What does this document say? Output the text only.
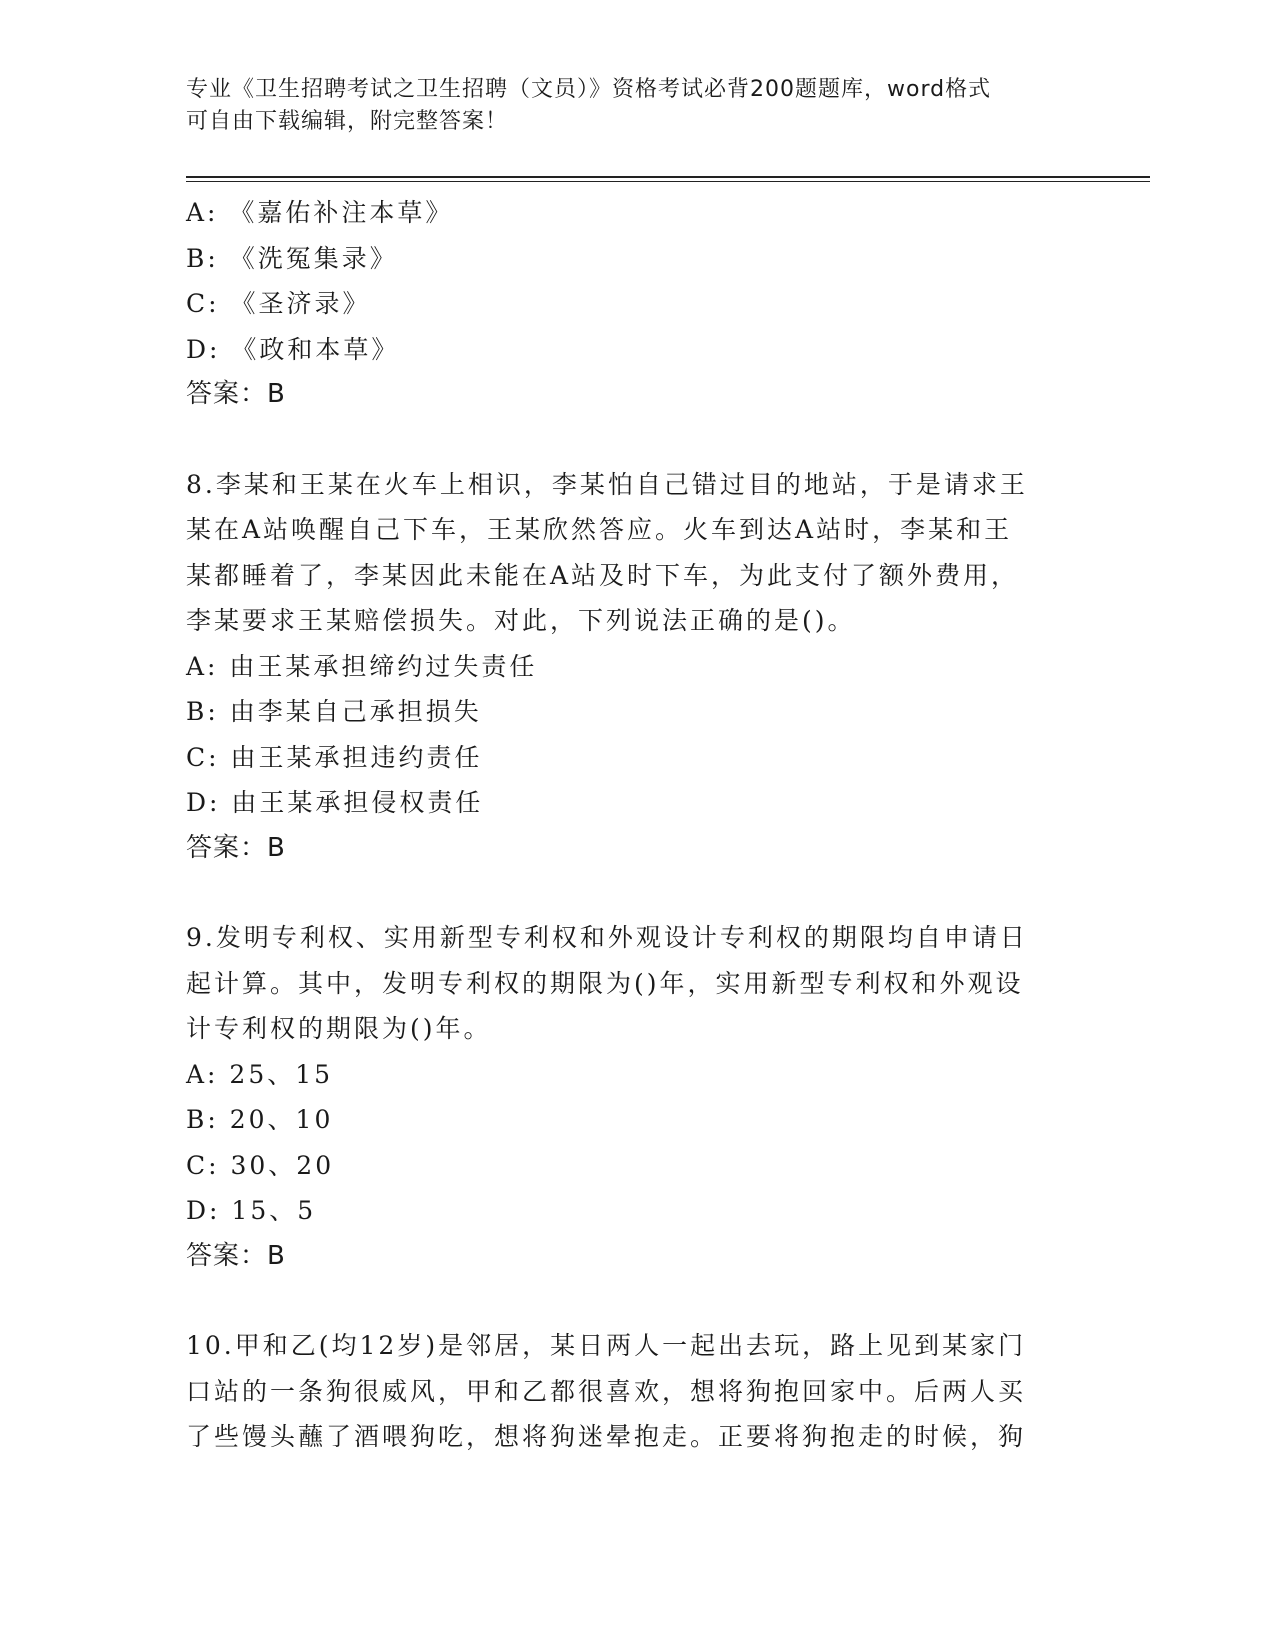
专业《卫生招聘考试之卫生招聘（文员）》资格考试必背200题题库，word格式
可自由下载编辑，附完整答案！
A: 《嘉佑补注本草》
B: 《洗冤集录》
C: 《圣济录》
D: 《政和本草》
答案：B
8.李某和王某在火车上相识，李某怕自己错过目的地站，于是请求王
某在A站唤醒自己下车，王某欣然答应。火车到达A站时，李某和王
某都睡着了，李某因此未能在A站及时下车，为此支付了额外费用，
李某要求王某赔偿损失。对此，下列说法正确的是()。
A: 由王某承担缔约过失责任
B: 由李某自己承担损失
C: 由王某承担违约责任
D: 由王某承担侵权责任
答案：B
9.发明专利权、实用新型专利权和外观设计专利权的期限均自申请日
起计算。其中，发明专利权的期限为()年，实用新型专利权和外观设
计专利权的期限为()年。
A: 25、15
B: 20、10
C: 30、20
D: 15、5
答案：B
10.甲和乙(均12岁)是邻居，某日两人一起出去玩，路上见到某家门
口站的一条狗很威风，甲和乙都很喜欢，想将狗抱回家中。后两人买
了些馒头蘸了酒喂狗吃，想将狗迷晕抱走。正要将狗抱走的时候，狗
